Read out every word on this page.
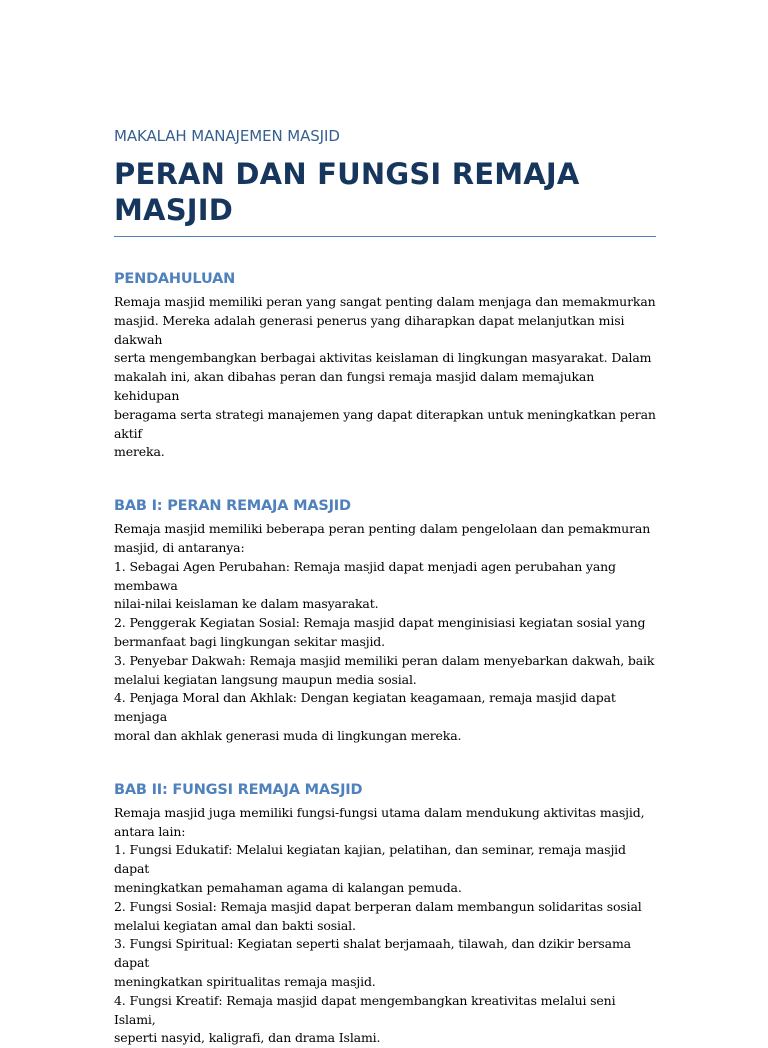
MAKALAH MANAJEMEN MASJID

PERAN DAN FUNGSI REMAJA MASJID
PENDAHULUAN

Remaja masjid memiliki peran yang sangat penting dalam menjaga dan memakmurkan
masjid. Mereka adalah generasi penerus yang diharapkan dapat melanjutkan misi dakwah
serta mengembangkan berbagai aktivitas keislaman di lingkungan masyarakat. Dalam
makalah ini, akan dibahas peran dan fungsi remaja masjid dalam memajukan kehidupan
beragama serta strategi manajemen yang dapat diterapkan untuk meningkatkan peran aktif
mereka.

BAB I: PERAN REMAJA MASJID

Remaja masjid memiliki beberapa peran penting dalam pengelolaan dan pemakmuran
masjid, di antaranya:
1. Sebagai Agen Perubahan: Remaja masjid dapat menjadi agen perubahan yang membawa
nilai-nilai keislaman ke dalam masyarakat.
2. Penggerak Kegiatan Sosial: Remaja masjid dapat menginisiasi kegiatan sosial yang
bermanfaat bagi lingkungan sekitar masjid.
3. Penyebar Dakwah: Remaja masjid memiliki peran dalam menyebarkan dakwah, baik
melalui kegiatan langsung maupun media sosial.
4. Penjaga Moral dan Akhlak: Dengan kegiatan keagamaan, remaja masjid dapat menjaga
moral dan akhlak generasi muda di lingkungan mereka.

BAB II: FUNGSI REMAJA MASJID

Remaja masjid juga memiliki fungsi-fungsi utama dalam mendukung aktivitas masjid,
antara lain:
1. Fungsi Edukatif: Melalui kegiatan kajian, pelatihan, dan seminar, remaja masjid dapat
meningkatkan pemahaman agama di kalangan pemuda.
2. Fungsi Sosial: Remaja masjid dapat berperan dalam membangun solidaritas sosial
melalui kegiatan amal dan bakti sosial.
3. Fungsi Spiritual: Kegiatan seperti shalat berjamaah, tilawah, dan dzikir bersama dapat
meningkatkan spiritualitas remaja masjid.
4. Fungsi Kreatif: Remaja masjid dapat mengembangkan kreativitas melalui seni Islami,
seperti nasyid, kaligrafi, dan drama Islami.
